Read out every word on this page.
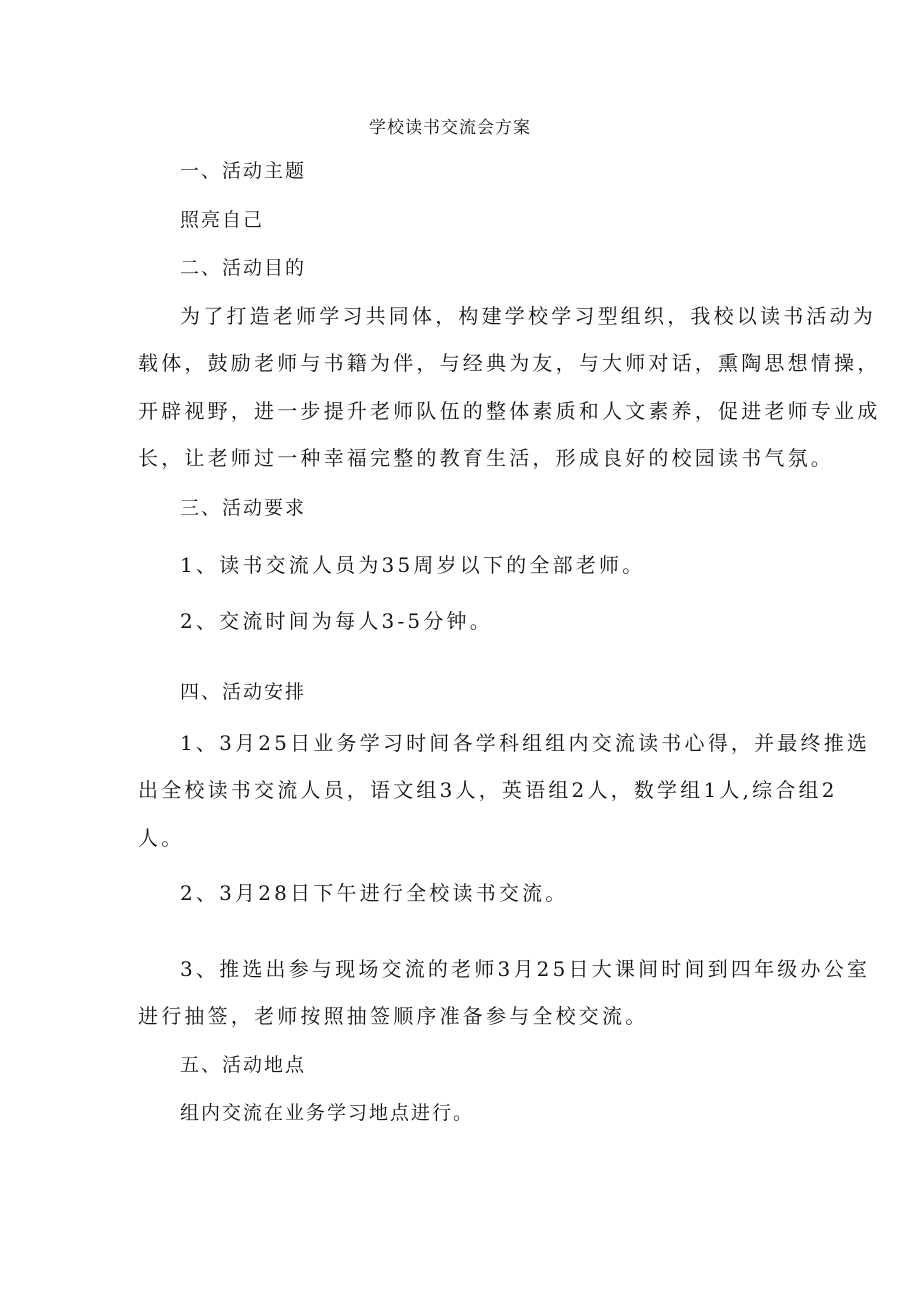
学校读书交流会方案
一、活动主题
照亮自己
二、活动目的
为了打造老师学习共同体，构建学校学习型组织，我校以读书活动为
载体，鼓励老师与书籍为伴，与经典为友，与大师对话，熏陶思想情操，
开辟视野，进一步提升老师队伍的整体素质和人文素养，促进老师专业成
长，让老师过一种幸福完整的教育生活，形成良好的校园读书气氛。
三、活动要求
1、读书交流人员为35周岁以下的全部老师。
2、交流时间为每人3-5分钟。
四、活动安排
1、3月25日业务学习时间各学科组组内交流读书心得，并最终推选
出全校读书交流人员，语文组3人，英语组2人，数学组1人,综合组2
人。
2、3月28日下午进行全校读书交流。
3、推选出参与现场交流的老师3月25日大课间时间到四年级办公室
进行抽签，老师按照抽签顺序准备参与全校交流。
五、活动地点
组内交流在业务学习地点进行。
